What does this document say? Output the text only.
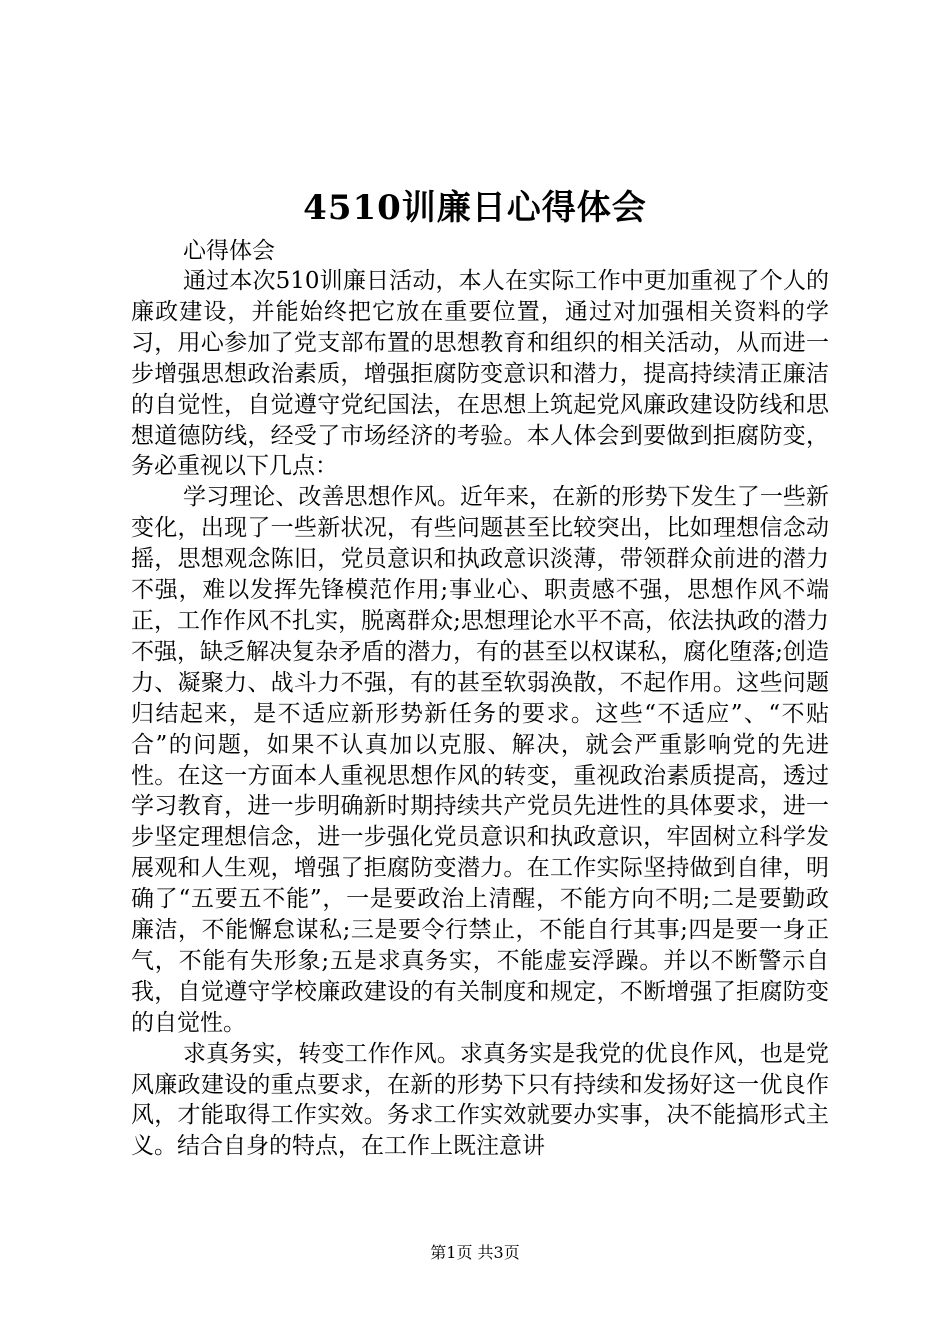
4510训廉日心得体会

心得体会

通过本次510训廉日活动，本人在实际工作中更加重视了个人的廉政建设，并能始终把它放在重要位置，通过对加强相关资料的学习，用心参加了党支部布置的思想教育和组织的相关活动，从而进一步增强思想政治素质，增强拒腐防变意识和潜力，提高持续清正廉洁的自觉性，自觉遵守党纪国法，在思想上筑起党风廉政建设防线和思想道德防线，经受了市场经济的考验。本人体会到要做到拒腐防变，务必重视以下几点：

学习理论、改善思想作风。近年来，在新的形势下发生了一些新变化，出现了一些新状况，有些问题甚至比较突出，比如理想信念动摇，思想观念陈旧，党员意识和执政意识淡薄，带领群众前进的潜力不强，难以发挥先锋模范作用;事业心、职责感不强，思想作风不端正，工作作风不扎实，脱离群众;思想理论水平不高，依法执政的潜力不强，缺乏解决复杂矛盾的潜力，有的甚至以权谋私，腐化堕落;创造力、凝聚力、战斗力不强，有的甚至软弱涣散，不起作用。这些问题归结起来，是不适应新形势新任务的要求。这些“不适应”、“不贴合”的问题，如果不认真加以克服、解决，就会严重影响党的先进性。在这一方面本人重视思想作风的转变，重视政治素质提高，透过学习教育，进一步明确新时期持续共产党员先进性的具体要求，进一步坚定理想信念，进一步强化党员意识和执政意识，牢固树立科学发展观和人生观，增强了拒腐防变潜力。在工作实际坚持做到自律，明确了“五要五不能”，一是要政治上清醒，不能方向不明;二是要勤政廉洁，不能懈怠谋私;三是要令行禁止，不能自行其事;四是要一身正气，不能有失形象;五是求真务实，不能虚妄浮躁。并以不断警示自我，自觉遵守学校廉政建设的有关制度和规定，不断增强了拒腐防变的自觉性。

求真务实，转变工作作风。求真务实是我党的优良作风，也是党风廉政建设的重点要求，在新的形势下只有持续和发扬好这一优良作风，才能取得工作实效。务求工作实效就要办实事，决不能搞形式主义。结合自身的特点，在工作上既注意讲

第1页 共3页
